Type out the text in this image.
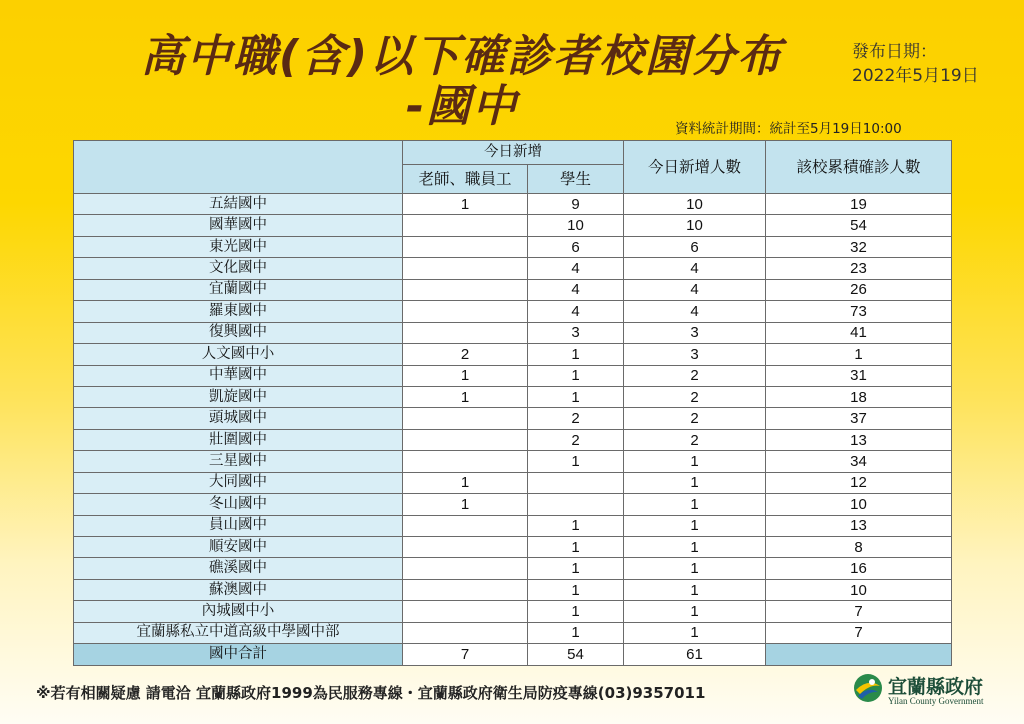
高中職(含)以下確診者校園分布
-國中
發布日期：
2022年5月19日
資料統計期間：統計至5月19日10:00
	今日新增		今日新增人數	該校累積確診人數
	老師、職員工	學生		
五結國中	1	9	10	19
國華國中		10	10	54
東光國中		6	6	32
文化國中		4	4	23
宜蘭國中		4	4	26
羅東國中		4	4	73
復興國中		3	3	41
人文國中小	2	1	3	1
中華國中	1	1	2	31
凱旋國中	1	1	2	18
頭城國中		2	2	37
壯圍國中		2	2	13
三星國中		1	1	34
大同國中	1		1	12
冬山國中	1		1	10
員山國中		1	1	13
順安國中		1	1	8
礁溪國中		1	1	16
蘇澳國中		1	1	10
內城國中小		1	1	7
宜蘭縣私立中道高級中學國中部		1	1	7
國中合計	7	54	61	
※若有相關疑慮 請電洽 宜蘭縣政府1999為民服務專線・宜蘭縣政府衛生局防疫專線(03)9357011	宜蘭縣政府
Yilan County Government
